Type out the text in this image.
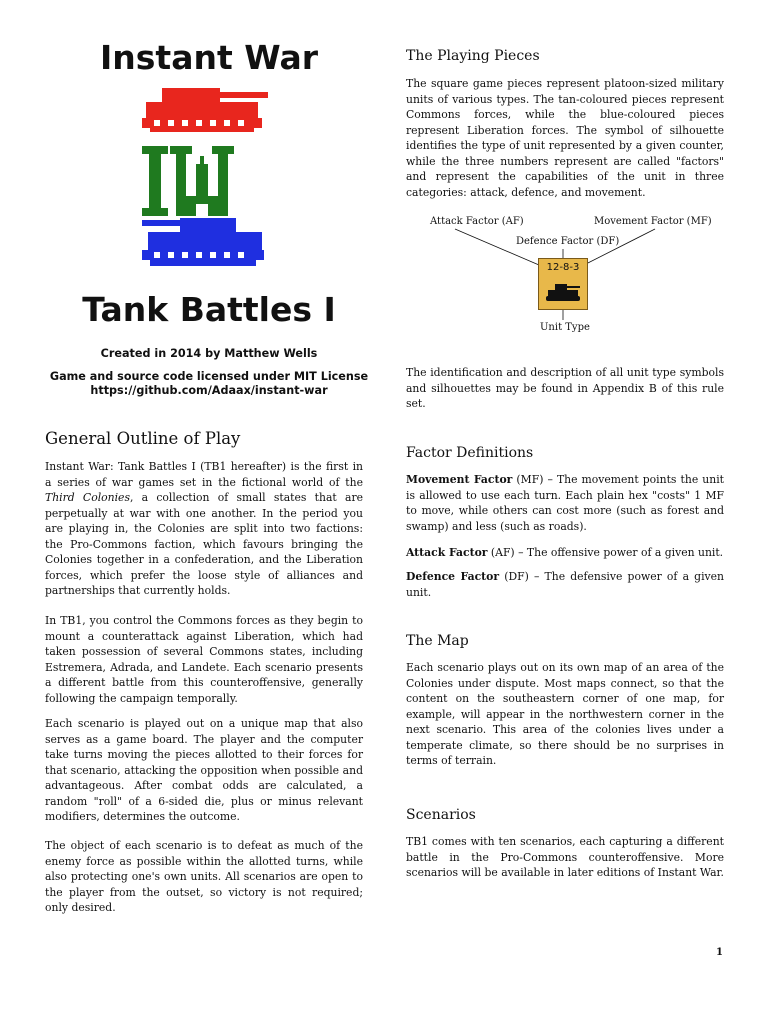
Instant War
Tank Battles I
Created in 2014 by Matthew Wells
Game and source code licensed under MIT License
https://github.com/Adaax/instant-war
General Outline of Play

Instant War: Tank Battles I (TB1 hereafter) is the first in a series of war games set in the fictional world of the Third Colonies, a collection of small states that are perpetually at war with one another. In the period you are playing in, the Colonies are split into two factions: the Pro-Commons faction, which favours bringing the Colonies together in a confederation, and the Liberation forces, which prefer the loose style of alliances and partnerships that currently holds.

In TB1, you control the Commons forces as they begin to mount a counterattack against Liberation, which had taken possession of several Commons states, including Estremera, Adrada, and Landete. Each scenario presents a different battle from this counteroffensive, generally following the campaign temporally.

Each scenario is played out on a unique map that also serves as a game board. The player and the computer take turns moving the pieces allotted to their forces for that scenario, attacking the opposition when possible and advantageous. After combat odds are calculated, a random "roll" of a 6-sided die, plus or minus relevant modifiers, determines the outcome.

The object of each scenario is to defeat as much of the enemy force as possible within the allotted turns, while also protecting one's own units. All scenarios are open to the player from the outset, so victory is not required; only desired.

The Playing Pieces

The square game pieces represent platoon-sized military units of various types. The tan-coloured pieces represent Commons forces, while the blue-coloured pieces represent Liberation forces. The symbol of silhouette identifies the type of unit represented by a given counter, while the three numbers represent are called "factors" and represent the capabilities of the unit in three categories: attack, defence, and movement.

Attack Factor (AF)	Movement Factor (MF)
Defence Factor (DF)
12-8-3
Unit Type

The identification and description of all unit type symbols and silhouettes may be found in Appendix B of this rule set.

Factor Definitions

Movement Factor (MF) – The movement points the unit is allowed to use each turn. Each plain hex "costs" 1 MF to move, while others can cost more (such as forest and swamp) and less (such as roads).

Attack Factor (AF) – The offensive power of a given unit.

Defence Factor (DF) – The defensive power of a given unit.

The Map

Each scenario plays out on its own map of an area of the Colonies under dispute. Most maps connect, so that the content on the southeastern corner of one map, for example, will appear in the northwestern corner in the next scenario. This area of the colonies lives under a temperate climate, so there should be no surprises in terms of terrain.

Scenarios

TB1 comes with ten scenarios, each capturing a different battle in the Pro-Commons counteroffensive. More scenarios will be available in later editions of Instant War.

1
